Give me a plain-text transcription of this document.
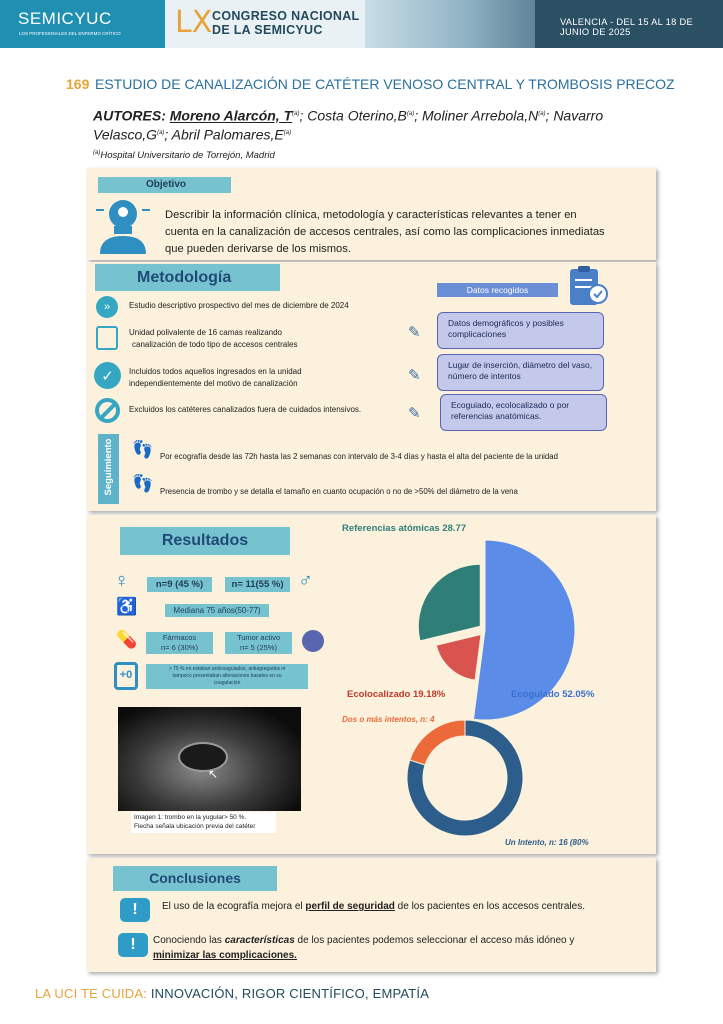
SEMICYUC
LOS PROFESIONALES DEL ENFERMO CRÍTICO LX CONGRESO NACIONAL
DE LA SEMICYUC
VALENCIA - DEL 15 AL 18 DE JUNIO DE 2025
169 ESTUDIO DE CANALIZACIÓN DE CATÉTER VENOSO CENTRAL Y TROMBOSIS PRECOZ
AUTORES: Moreno Alarcón, $T^{(a)}$; Costa $Oterino,B^{(a)}$; Moliner $Arrebola,N^{(a)}$; Navarro $Velasco,G^{(a)}$; Abril $Palomares,E^{(a)}$
$^{(a)}$Hospital Universitario de Torrejón, Madrid
Objetivo
Describir la información clínica, metodología y características relevantes a tener en
cuenta en la canalización de accesos centrales, así como las complicaciones inmediatas
que pueden derivarse de los mismos.
Metodología
»	Estudio descriptivo prospectivo del mes de diciembre de 2024
Unidad polivalente de 16 camas realizando
canalización de todo tipo de accesos centrales
✓	Incluidos todos aquellos ingresados en la unidad
independientemente del motivo de canalización
Excluidos los catéteres canalizados fuera de cuidados intensivos.
Datos recogidos
✎
Datos demográficos y posibles complicaciones
✎
Lugar de inserción, diámetro del vaso, número de intentos
✎	Ecoguiado, ecolocalizado o por referencias anatómicas.
Seguimiento 👣 Por ecografía desde las 72h hasta las 2 semanas con intervalo de 3-4 días y hasta el alta del paciente de la unidad
👣 Presencia de trombo y se detalla el tamaño en cuanto ocupación o no de >50% del diámetro de la vena
Resultados
♀	n=9 (45 %)	n= 11(55 %) ♂
♿	Mediana 75 años(50-77)
💊	Fármacos
n= 6 (30%)
Tumor activo
n= 5 (25%)
+0	> 70 % no estaban anticoagulados, antiagregados ni
tampoco presentaban alteraciones basales en su
coagulación
↖
Imagen 1: trombo en la yugular> 50 %.
Flecha señala ubicación previa del catéter
Referencias atómicas 28.77
Ecolocalizado 19.18%	Ecoguiado 52.05%
Dos o más intentos, n: 4
Un Intento, n: 16 (80%
Conclusiones
!	El uso de la ecografía mejora el perfil de seguridad de los pacientes en los accesos centrales.
!	Conociendo las características de los pacientes podemos seleccionar el acceso más idóneo y
minimizar las complicaciones.
LA UCI TE CUIDA: INNOVACIÓN, RIGOR CIENTÍFICO, EMPATÍA
